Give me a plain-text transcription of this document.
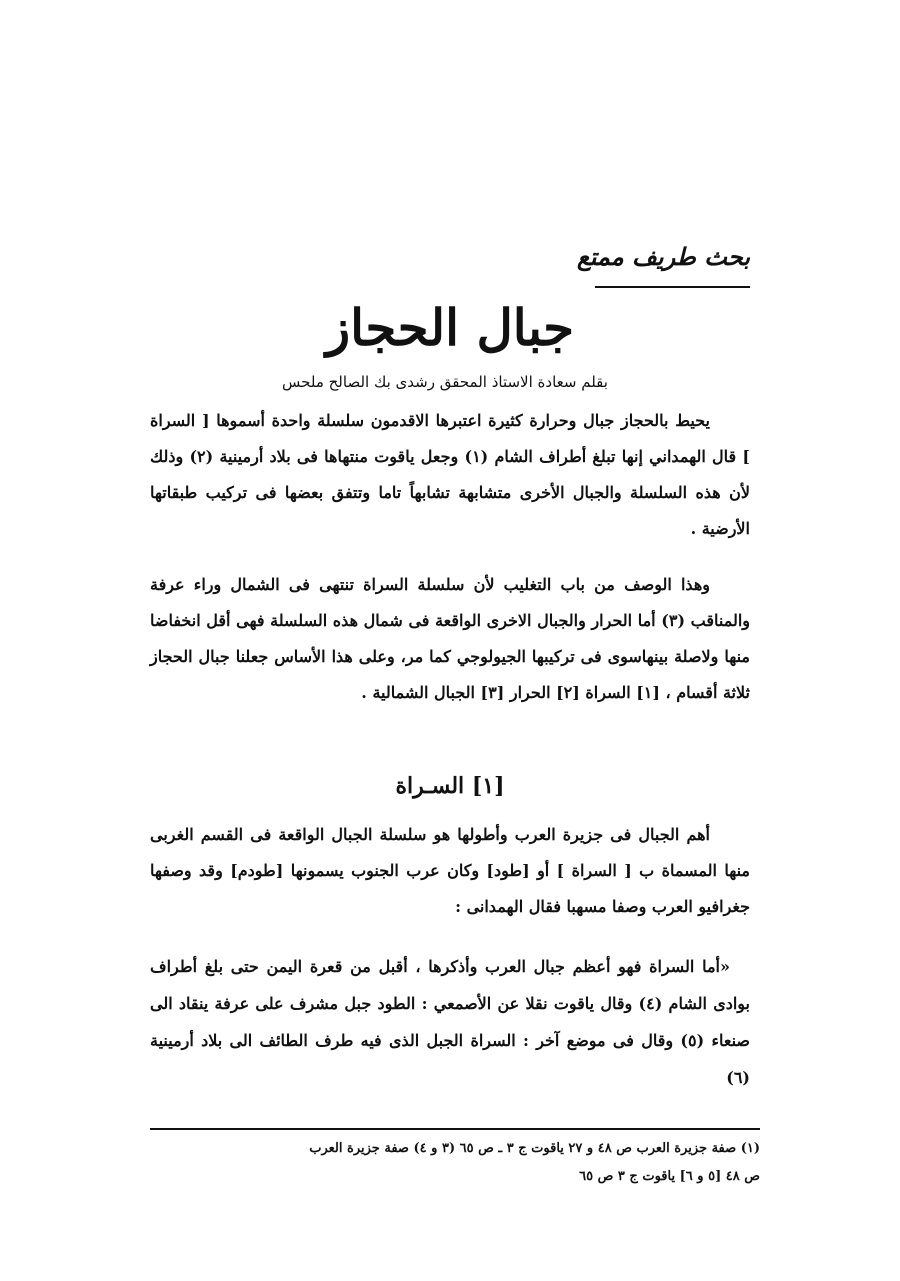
بحث طريف ممتع
جبال الحجاز
بقلم سعادة الاستاذ المحقق رشدى بك الصالح ملحس

يحيط بالحجاز جبال وحرارة كثيرة اعتبرها الاقدمون سلسلة واحدة أسموها [ السراة ] قال الهمداني إنها تبلغ أطراف الشام (١) وجعل ياقوت منتهاها فى بلاد أرمينية (٢) وذلك لأن هذه السلسلة والجبال الأخرى متشابهة تشابهاً تاما وتتفق بعضها فى تركيب طبقاتها الأرضية .

وهذا الوصف من باب التغليب لأن سلسلة السراة تنتهى فى الشمال وراء عرفة والمناقب (٣) أما الحرار والجبال الاخرى الواقعة فى شمال هذه السلسلة فهى أقل انخفاضا منها ولاصلة بينهاسوى فى تركيبها الجيولوجي كما مر، وعلى هذا الأساس جعلنا جبال الحجاز ثلاثة أقسام ، [١] السراة [٢] الحرار [٣] الجبال الشمالية .

[١] السـراة

أهم الجبال فى جزيرة العرب وأطولها هو سلسلة الجبال الواقعة فى القسم الغربى منها المسماة ب [ السراة ] أو [طود] وكان عرب الجنوب يسمونها [طودم] وقد وصفها جغرافيو العرب وصفا مسهبا فقال الهمدانى :

«أما السراة فهو أعظم جبال العرب وأذكرها ، أقبل من قعرة اليمن حتى بلغ أطراف بوادى الشام (٤) وقال ياقوت نقلا عن الأصمعي : الطود جبل مشرف على عرفة ينقاد الى صنعاء (٥) وقال فى موضع آخر : السراة الجبل الذى فيه طرف الطائف الى بلاد أرمينية (٦)

(١) صفة جزيرة العرب ص ٤٨ و ٢٧ ياقوت ج ٣ ـ ص ٦٥ (٣ و ٤) صفة جزيرة العرب

ص ٤٨ [٥ و ٦] ياقوت ج ٣ ص ٦٥
